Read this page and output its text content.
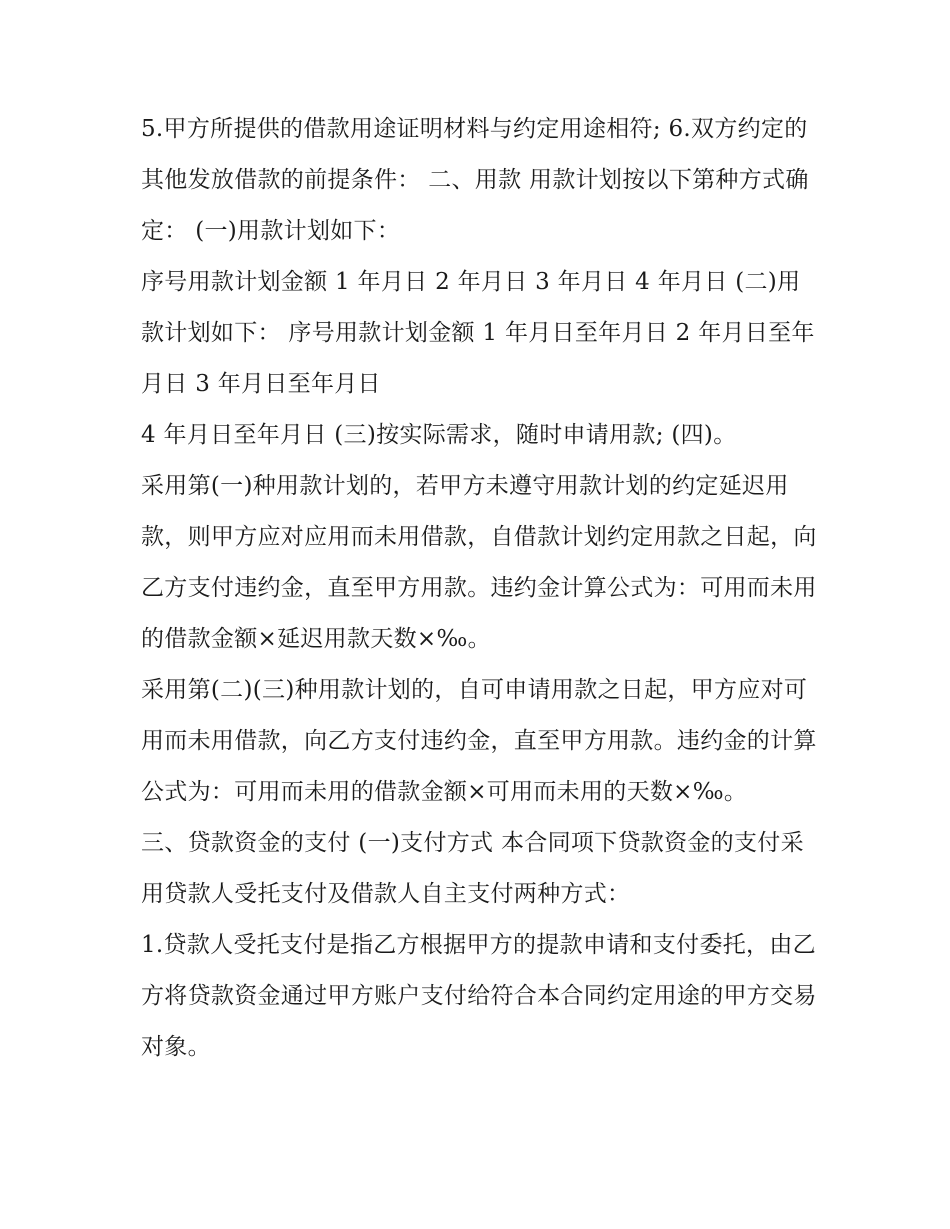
5.甲方所提供的借款用途证明材料与约定用途相符; 6.双方约定的其他发放借款的前提条件： 二、用款 用款计划按以下第种方式确定： (一)用款计划如下：

序号用款计划金额 1 年月日 2 年月日 3 年月日 4 年月日 (二)用款计划如下： 序号用款计划金额 1 年月日至年月日 2 年月日至年月日 3 年月日至年月日

4 年月日至年月日 (三)按实际需求，随时申请用款; (四)。

采用第(一)种用款计划的，若甲方未遵守用款计划的约定延迟用款，则甲方应对应用而未用借款，自借款计划约定用款之日起，向乙方支付违约金，直至甲方用款。违约金计算公式为：可用而未用的借款金额×延迟用款天数×‰。

采用第(二)(三)种用款计划的，自可申请用款之日起，甲方应对可用而未用借款，向乙方支付违约金，直至甲方用款。违约金的计算公式为：可用而未用的借款金额×可用而未用的天数×‰。

三、贷款资金的支付 (一)支付方式 本合同项下贷款资金的支付采用贷款人受托支付及借款人自主支付两种方式：

1.贷款人受托支付是指乙方根据甲方的提款申请和支付委托，由乙方将贷款资金通过甲方账户支付给符合本合同约定用途的甲方交易对象。
